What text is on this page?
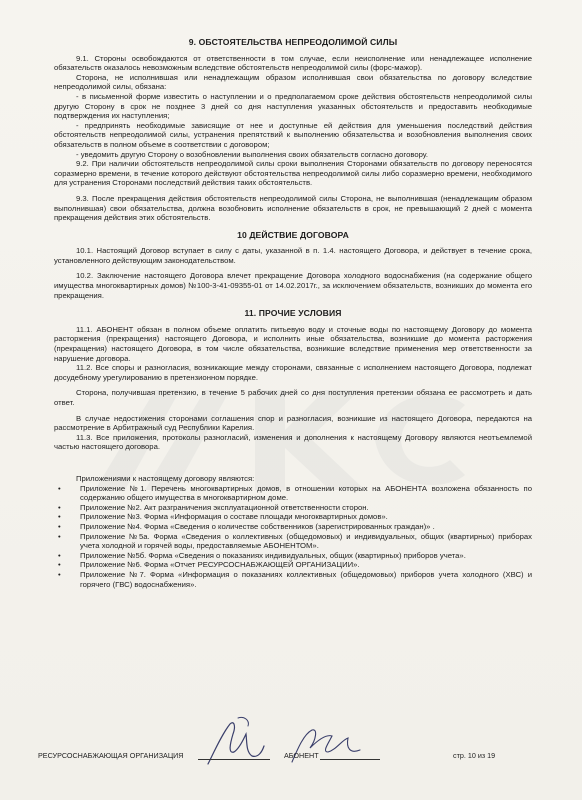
9. ОБСТОЯТЕЛЬСТВА НЕПРЕОДОЛИМОЙ СИЛЫ

9.1. Стороны освобождаются от ответственности в том случае, если неисполнение или ненадлежащее исполнение обязательств оказалось невозможным вследствие обстоятельств непреодолимой силы (форс-мажор).

Сторона, не исполнившая или ненадлежащим образом исполнившая свои обязательства по договору вследствие непреодолимой силы, обязана:

- в письменной форме известить о наступлении и о предполагаемом сроке действия обстоятельств непреодолимой силы другую Сторону в срок не позднее 3 дней со дня наступления указанных обстоятельств и предоставить необходимые подтверждения их наступления;

- предпринять необходимые зависящие от нее и доступные ей действия для уменьшения последствий действия обстоятельств непреодолимой силы, устранения препятствий к выполнению обязательства и возобновления выполнения своих обязательств в полном объеме в соответствии с договором;

- уведомить другую Сторону о возобновлении выполнения своих обязательств согласно договору.

9.2. При наличии обстоятельств непреодолимой силы сроки выполнения Сторонами обязательств по договору переносятся соразмерно времени, в течение которого действуют обстоятельства непреодолимой силы либо соразмерно времени, необходимого для устранения Сторонами последствий действия таких обстоятельств.

9.3. После прекращения действия обстоятельств непреодолимой силы Сторона, не выполнившая (ненадлежащим образом выполнившая) свои обязательства, должна возобновить исполнение обязательств в срок, не превышающий 2 дней с момента прекращения действия этих обстоятельств.

10 ДЕЙСТВИЕ ДОГОВОРА

10.1. Настоящий Договор вступает в силу с даты, указанной в п. 1.4. настоящего Договора, и действует в течение срока, установленного действующим законодательством.

10.2. Заключение настоящего Договора влечет прекращение Договора холодного водоснабжения (на содержание общего имущества многоквартирных домов) №100-3-41-09355-01 от 14.02.2017г., за исключением обязательств, возникших до момента его прекращения.

11. ПРОЧИЕ УСЛОВИЯ

11.1. АБОНЕНТ обязан в полном объеме оплатить питьевую воду и сточные воды по настоящему Договору до момента расторжения (прекращения) настоящего Договора, и исполнить иные обязательства, возникшие до момента расторжения (прекращения) настоящего Договора, в том числе обязательства, возникшие вследствие применения мер ответственности за нарушение договора.

11.2. Все споры и разногласия, возникающие между сторонами, связанные с исполнением настоящего Договора, подлежат досудебному урегулированию в претензионном порядке.

Сторона, получившая претензию, в течение 5 рабочих дней со дня поступления претензии обязана ее рассмотреть и дать ответ.

В случае недостижения сторонами соглашения спор и разногласия, возникшие из настоящего Договора, передаются на рассмотрение в Арбитражный суд Республики Карелия.

11.3. Все приложения, протоколы разногласий, изменения и дополнения к настоящему Договору являются неотъемлемой частью настоящего договора.

Приложениями к настоящему договору являются:

•	Приложение №1. Перечень многоквартирных домов, в отношении которых на АБОНЕНТА возложена обязанность по содержанию общего имущества в многоквартирном доме.
•	Приложение №2. Акт разграничения эксплуатационной ответственности сторон.
•	Приложение №3. Форма «Информация о составе площади многоквартирных домов».
•	Приложение №4. Форма «Сведения о количестве собственников (зарегистрированных граждан)» .
•	Приложение №5а. Форма «Сведения о коллективных (общедомовых) и индивидуальных, общих (квартирных) приборах учета холодной и горячей воды, предоставляемые АБОНЕНТОМ».
•	Приложение №5б. Форма «Сведения о показаниях индивидуальных, общих (квартирных) приборов учета».
•	Приложение №6. Форма «Отчет РЕСУРСОСНАБЖАЮЩЕЙ ОРГАНИЗАЦИИ».
•	Приложение №7. Форма «Информация о показаниях коллективных (общедомовых) приборов учета холодного (ХВС) и горячего (ГВС) водоснабжения».
РЕСУРСОСНАБЖАЮЩАЯ ОРГАНИЗАЦИЯ	АБОНЕНТ	стр. 10 из 19
